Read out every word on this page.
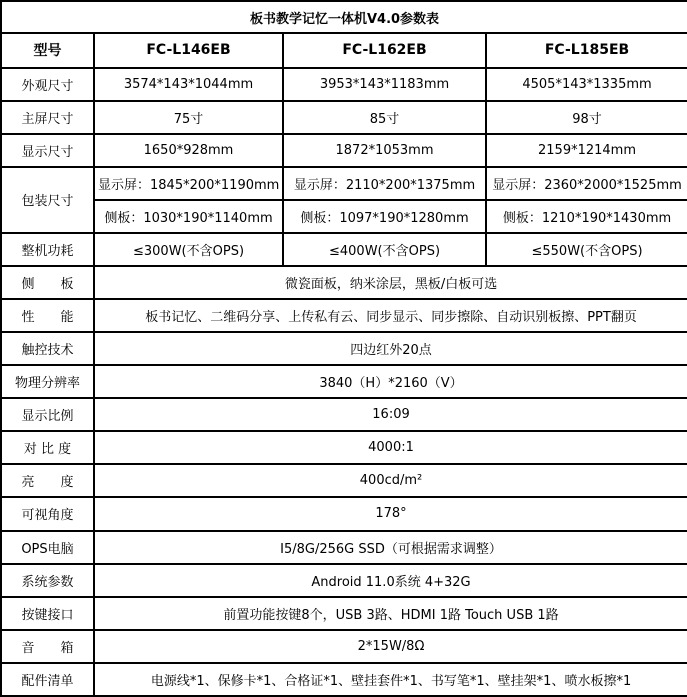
板书教学记忆一体机V4.0参数表			
型号	FC-L146EB	FC-L162EB	FC-L185EB
外观尺寸	3574*143*1044mm	3953*143*1183mm	4505*143*1335mm
主屏尺寸	75寸	85寸	98寸
显示尺寸	1650*928mm	1872*1053mm	2159*1214mm
包装尺寸	显示屏：1845*200*1190mm	显示屏：2110*200*1375mm	显示屏：2360*2000*1525mm
	侧板：1030*190*1140mm	侧板：1097*190*1280mm	侧板：1210*190*1430mm
整机功耗	≤300W(不含OPS)	≤400W(不含OPS)	≤550W(不含OPS)
侧　　板	微瓷面板，纳米涂层，黑板/白板可选		
性　　能	板书记忆、二维码分享、上传私有云、同步显示、同步擦除、自动识别板擦、PPT翻页		
触控技术	四边红外20点		
物理分辨率	3840（H）*2160（V）		
显示比例	16:09		
对 比 度	4000:1		
亮　　度	400cd/m²		
可视角度	178°		
OPS电脑	I5/8G/256G SSD（可根据需求调整）		
系统参数	Android 11.0系统 4+32G		
按键接口	前置功能按键8个，USB 3路、HDMI 1路 Touch USB 1路		
音　　箱	2*15W/8Ω		
配件清单	电源线*1、保修卡*1、合格证*1、壁挂套件*1、书写笔*1、壁挂架*1、喷水板擦*1		
